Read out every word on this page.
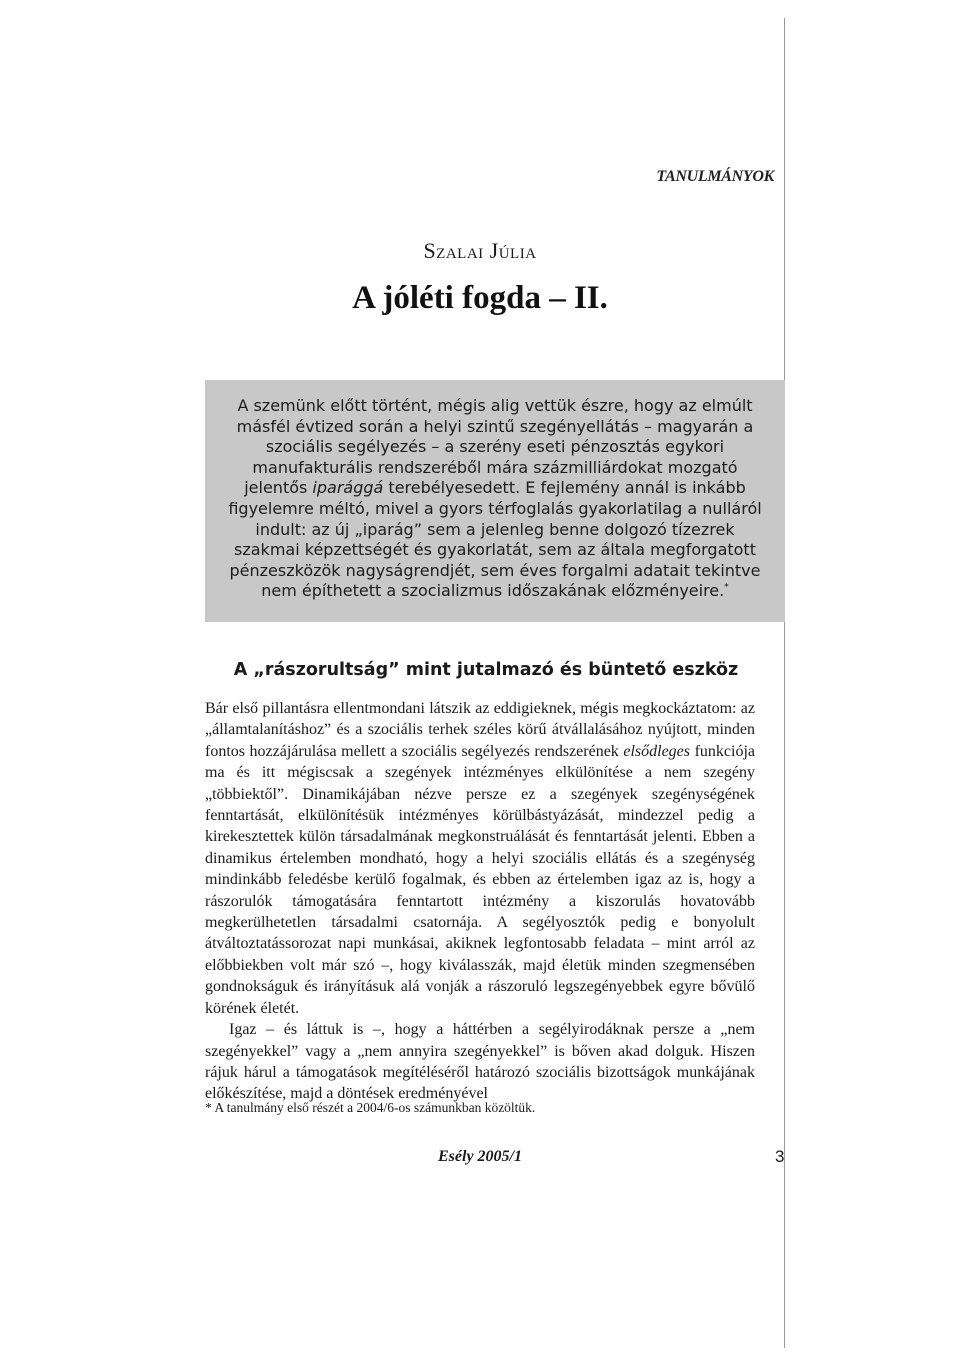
TANULMÁNYOK
Szalai Júlia
A jóléti fogda – II.
A szemünk előtt történt, mégis alig vettük észre, hogy az elmúlt másfél évtized során a helyi szintű szegényellátás – magyarán a szociális segélyezés – a szerény eseti pénzosztás egykori manufakturális rendszeréből mára százmilliárdokat mozgató jelentős iparággá terebélyesedett. E fejlemény annál is inkább figyelemre méltó, mivel a gyors térfoglalás gyakorlatilag a nulláról indult: az új „iparág” sem a jelenleg benne dolgozó tízezrek szakmai képzettségét és gyakorlatát, sem az általa megforgatott pénzeszközök nagyságrendjét, sem éves forgalmi adatait tekintve nem építhetett a szocializmus időszakának előzményeire.*
A „rászorultság” mint jutalmazó és büntető eszköz

Bár első pillantásra ellentmondani látszik az eddigieknek, mégis megkockáztatom: az „államtalanításhoz” és a szociális terhek széles körű átvállalásához nyújtott, minden fontos hozzájárulása mellett a szociális segélyezés rendszerének elsődleges funkciója ma és itt mégiscsak a szegények intézményes elkülönítése a nem szegény „többiektől”. Dinamikájában nézve persze ez a szegények szegénységének fenntartását, elkülönítésük intézményes körülbástyázását, mindezzel pedig a kirekesztettek külön társadalmának megkonstruálását és fenntartását jelenti. Ebben a dinamikus értelemben mondható, hogy a helyi szociális ellátás és a szegénység mindinkább feledésbe kerülő fogalmak, és ebben az értelemben igaz az is, hogy a rászorulók támogatására fenntartott intézmény a kiszorulás hovatovább megkerülhetetlen társadalmi csatornája. A segélyosztók pedig e bonyolult átváltoztatássorozat napi munkásai, akiknek legfontosabb feladata – mint arról az előbbiekben volt már szó –, hogy kiválasszák, majd életük minden szegmensében gondnokságuk és irányításuk alá vonják a rászoruló legszegényebbek egyre bővülő körének életét.

Igaz – és láttuk is –, hogy a háttérben a segélyirodáknak persze a „nem szegényekkel” vagy a „nem annyira szegényekkel” is bőven akad dolguk. Hiszen rájuk hárul a támogatások megítéléséről határozó szociális bizottságok munkájának előkészítése, majd a döntések eredményével

* A tanulmány első részét a 2004/6-os számunkban közöltük.
Esély 2005/1	3
